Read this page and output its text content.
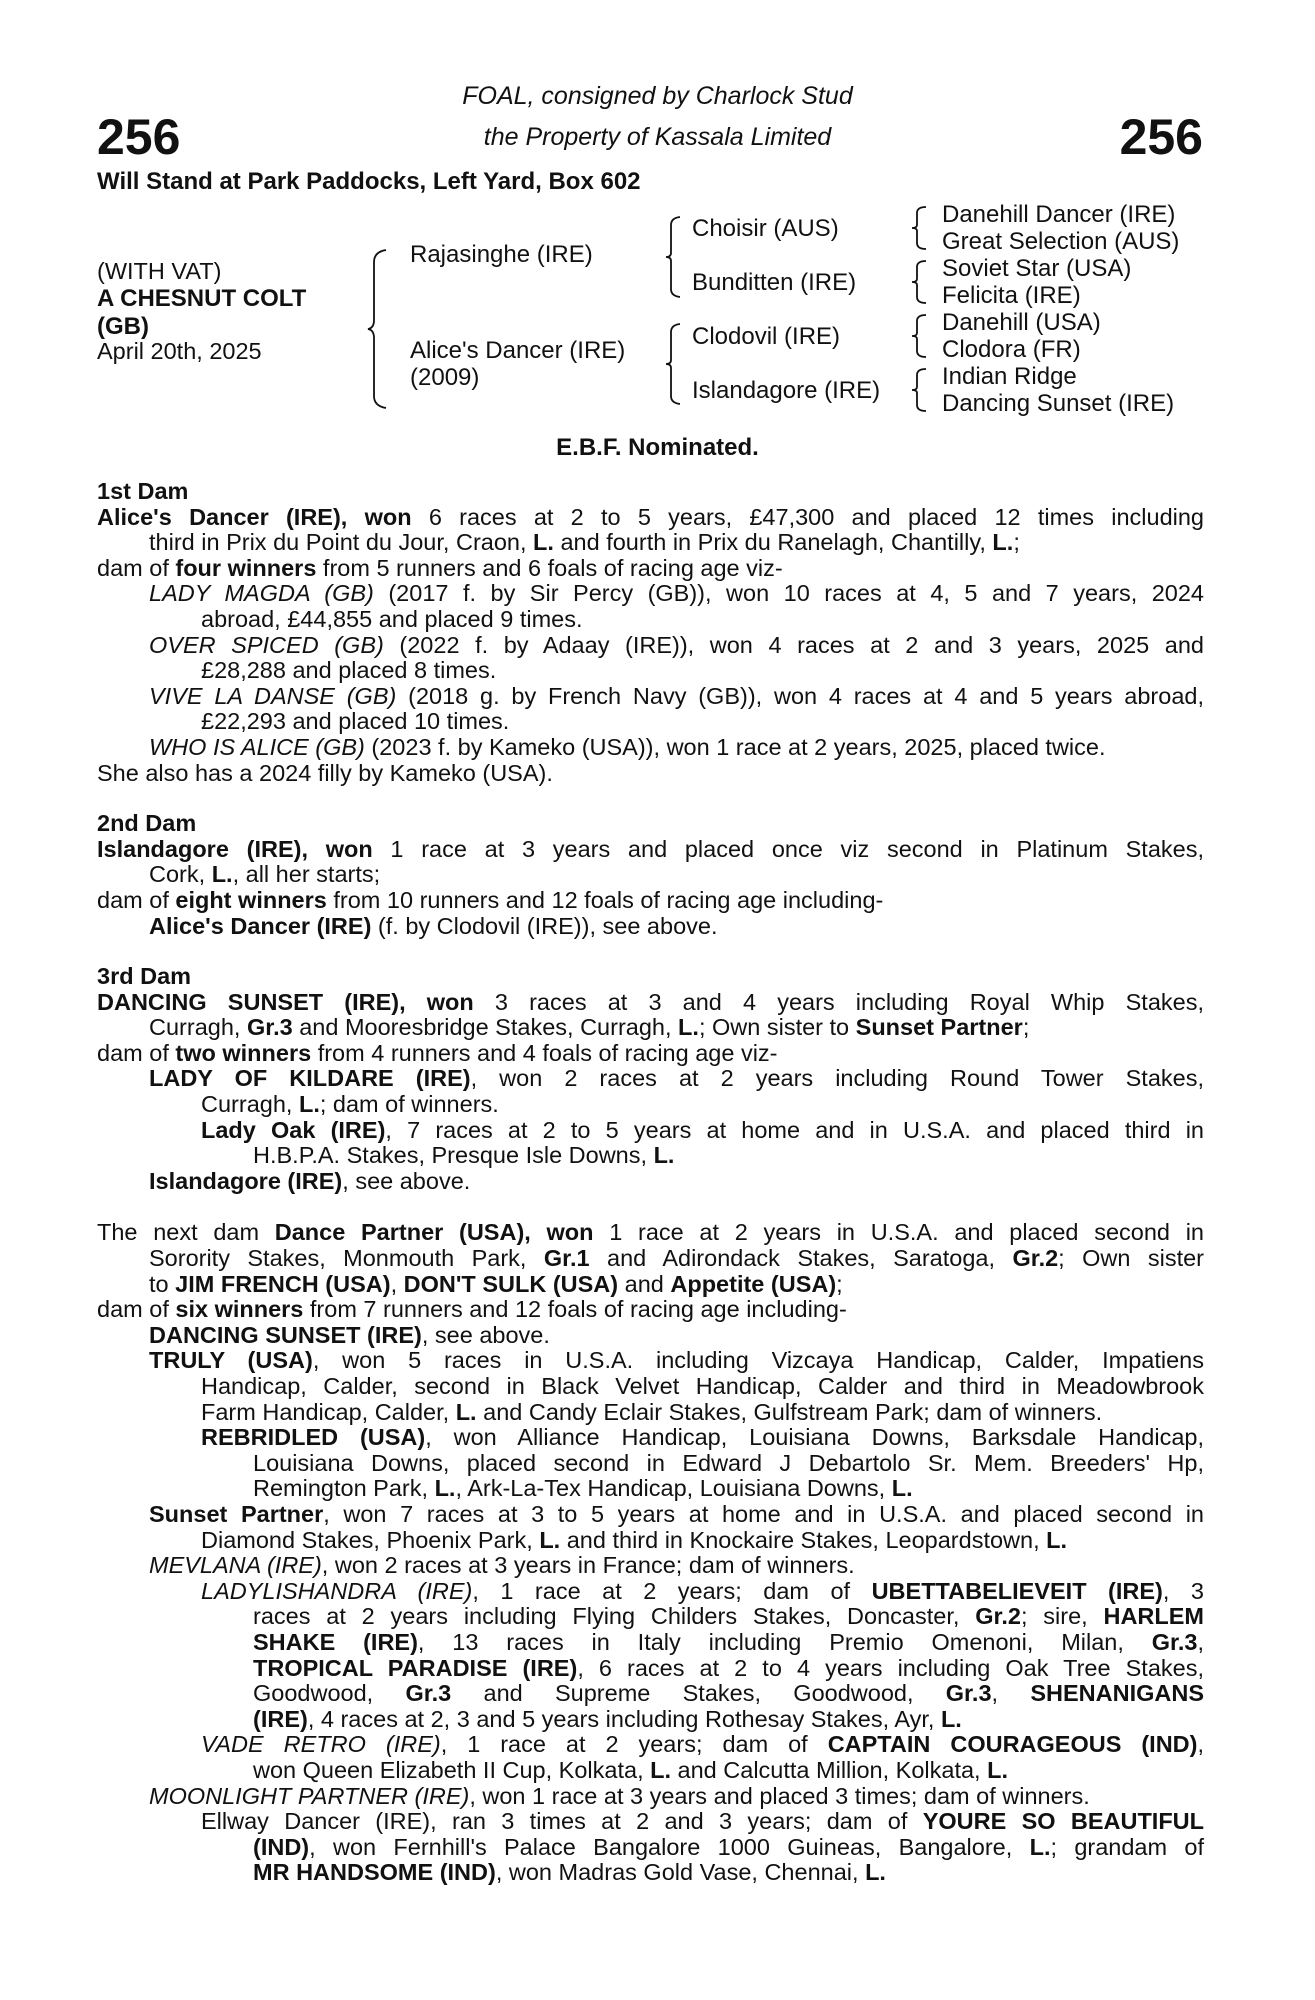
256	256
FOAL, consigned by Charlock Stud
the Property of Kassala Limited
Will Stand at Park Paddocks, Left Yard, Box 602
(WITH VAT)
A CHESNUT COLT
(GB)
April 20th, 2025
Rajasinghe (IRE)
Alice's Dancer (IRE)
(2009)
Choisir (AUS)
Bunditten (IRE)
Clodovil (IRE)
Islandagore (IRE)
Danehill Dancer (IRE)
Great Selection (AUS)
Soviet Star (USA)
Felicita (IRE)
Danehill (USA)
Clodora (FR)
Indian Ridge
Dancing Sunset (IRE)
E.B.F. Nominated.
1st Dam
Alice's Dancer (IRE), won 6 races at 2 to 5 years, £47,300 and placed 12 times including
third in Prix du Point du Jour, Craon, L. and fourth in Prix du Ranelagh, Chantilly, L.;
dam of four winners from 5 runners and 6 foals of racing age viz-
LADY MAGDA (GB) (2017 f. by Sir Percy (GB)), won 10 races at 4, 5 and 7 years, 2024
abroad, £44,855 and placed 9 times.
OVER SPICED (GB) (2022 f. by Adaay (IRE)), won 4 races at 2 and 3 years, 2025 and
£28,288 and placed 8 times.
VIVE LA DANSE (GB) (2018 g. by French Navy (GB)), won 4 races at 4 and 5 years abroad,
£22,293 and placed 10 times.
WHO IS ALICE (GB) (2023 f. by Kameko (USA)), won 1 race at 2 years, 2025, placed twice.
She also has a 2024 filly by Kameko (USA).
2nd Dam
Islandagore (IRE), won 1 race at 3 years and placed once viz second in Platinum Stakes,
Cork, L., all her starts;
dam of eight winners from 10 runners and 12 foals of racing age including-
Alice's Dancer (IRE) (f. by Clodovil (IRE)), see above.
3rd Dam
DANCING SUNSET (IRE), won 3 races at 3 and 4 years including Royal Whip Stakes,
Curragh, Gr.3 and Mooresbridge Stakes, Curragh, L.; Own sister to Sunset Partner;
dam of two winners from 4 runners and 4 foals of racing age viz-
LADY OF KILDARE (IRE), won 2 races at 2 years including Round Tower Stakes,
Curragh, L.; dam of winners.
Lady Oak (IRE), 7 races at 2 to 5 years at home and in U.S.A. and placed third in
H.B.P.A. Stakes, Presque Isle Downs, L.
Islandagore (IRE), see above.
The next dam Dance Partner (USA), won 1 race at 2 years in U.S.A. and placed second in
Sorority Stakes, Monmouth Park, Gr.1 and Adirondack Stakes, Saratoga, Gr.2; Own sister
to JIM FRENCH (USA), DON'T SULK (USA) and Appetite (USA);
dam of six winners from 7 runners and 12 foals of racing age including-
DANCING SUNSET (IRE), see above.
TRULY (USA), won 5 races in U.S.A. including Vizcaya Handicap, Calder, Impatiens
Handicap, Calder, second in Black Velvet Handicap, Calder and third in Meadowbrook
Farm Handicap, Calder, L. and Candy Eclair Stakes, Gulfstream Park; dam of winners.
REBRIDLED (USA), won Alliance Handicap, Louisiana Downs, Barksdale Handicap,
Louisiana Downs, placed second in Edward J Debartolo Sr. Mem. Breeders' Hp,
Remington Park, L., Ark-La-Tex Handicap, Louisiana Downs, L.
Sunset Partner, won 7 races at 3 to 5 years at home and in U.S.A. and placed second in
Diamond Stakes, Phoenix Park, L. and third in Knockaire Stakes, Leopardstown, L.
MEVLANA (IRE), won 2 races at 3 years in France; dam of winners.
LADYLISHANDRA (IRE), 1 race at 2 years; dam of UBETTABELIEVEIT (IRE), 3
races at 2 years including Flying Childers Stakes, Doncaster, Gr.2; sire, HARLEM
SHAKE (IRE), 13 races in Italy including Premio Omenoni, Milan, Gr.3,
TROPICAL PARADISE (IRE), 6 races at 2 to 4 years including Oak Tree Stakes,
Goodwood, Gr.3 and Supreme Stakes, Goodwood, Gr.3, SHENANIGANS
(IRE), 4 races at 2, 3 and 5 years including Rothesay Stakes, Ayr, L.
VADE RETRO (IRE), 1 race at 2 years; dam of CAPTAIN COURAGEOUS (IND),
won Queen Elizabeth II Cup, Kolkata, L. and Calcutta Million, Kolkata, L.
MOONLIGHT PARTNER (IRE), won 1 race at 3 years and placed 3 times; dam of winners.
Ellway Dancer (IRE), ran 3 times at 2 and 3 years; dam of YOURE SO BEAUTIFUL
(IND), won Fernhill's Palace Bangalore 1000 Guineas, Bangalore, L.; grandam of
MR HANDSOME (IND), won Madras Gold Vase, Chennai, L.
